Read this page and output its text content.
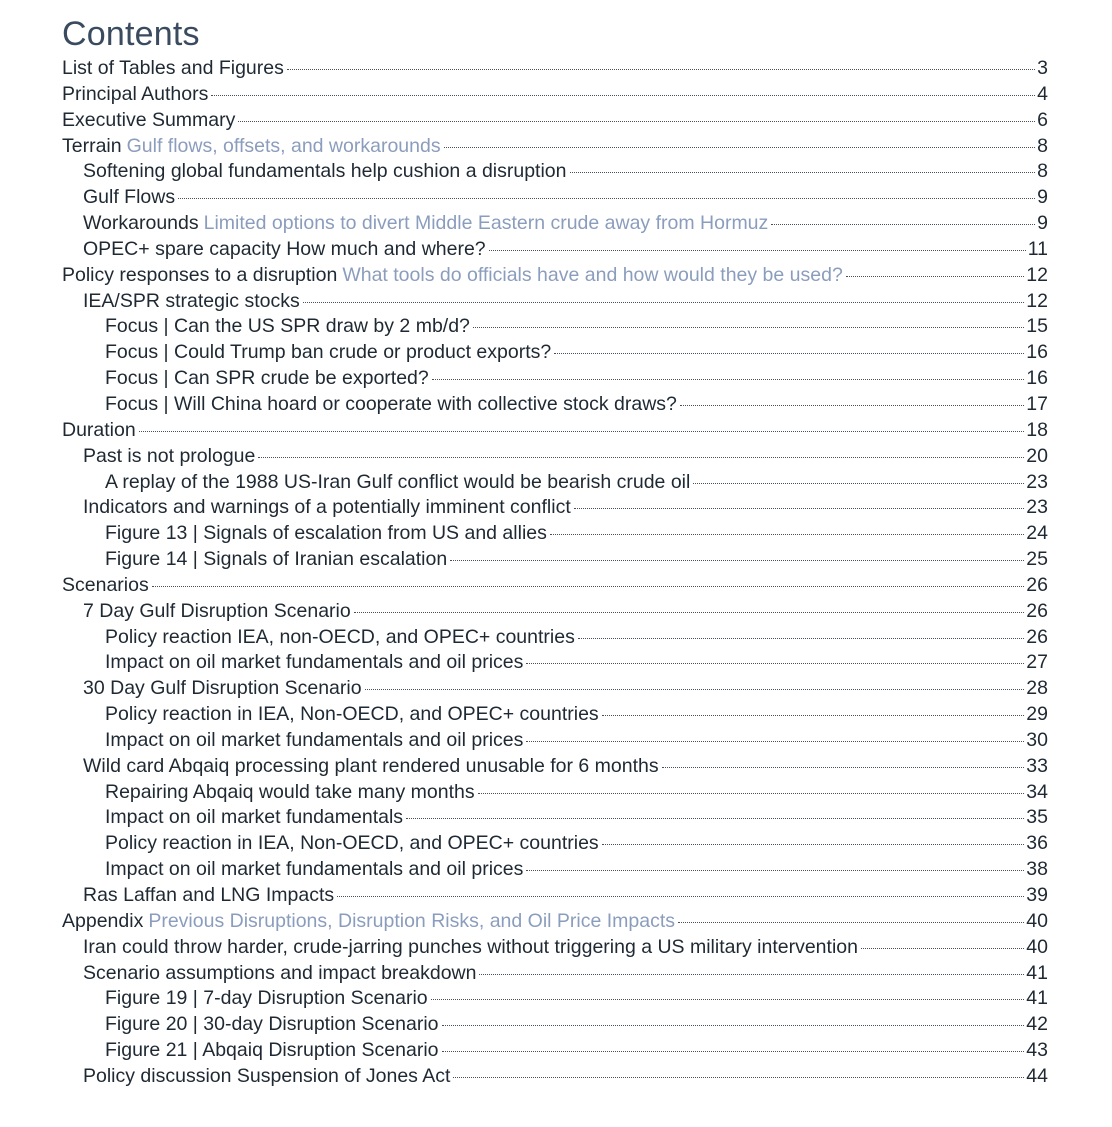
Contents
List of Tables and Figures	3
Principal Authors	4
Executive Summary	6
Terrain Gulf flows, offsets, and workarounds	8
Softening global fundamentals help cushion a disruption	8
Gulf Flows	9
Workarounds Limited options to divert Middle Eastern crude away from Hormuz	9
OPEC+ spare capacity How much and where?	11
Policy responses to a disruption What tools do officials have and how would they be used?	12
IEA/SPR strategic stocks	12
Focus | Can the US SPR draw by 2 mb/d?	15
Focus | Could Trump ban crude or product exports?	16
Focus | Can SPR crude be exported?	16
Focus | Will China hoard or cooperate with collective stock draws?	17
Duration	18
Past is not prologue	20
A replay of the 1988 US-Iran Gulf conflict would be bearish crude oil	23
Indicators and warnings of a potentially imminent conflict	23
Figure 13 | Signals of escalation from US and allies	24
Figure 14 | Signals of Iranian escalation	25
Scenarios	26
7 Day Gulf Disruption Scenario	26
Policy reaction IEA, non-OECD, and OPEC+ countries	26
Impact on oil market fundamentals and oil prices	27
30 Day Gulf Disruption Scenario	28
Policy reaction in IEA, Non-OECD, and OPEC+ countries	29
Impact on oil market fundamentals and oil prices	30
Wild card Abqaiq processing plant rendered unusable for 6 months	33
Repairing Abqaiq would take many months	34
Impact on oil market fundamentals	35
Policy reaction in IEA, Non-OECD, and OPEC+ countries	36
Impact on oil market fundamentals and oil prices	38
Ras Laffan and LNG Impacts	39
Appendix Previous Disruptions, Disruption Risks, and Oil Price Impacts	40
Iran could throw harder, crude-jarring punches without triggering a US military intervention	40
Scenario assumptions and impact breakdown	41
Figure 19 | 7-day Disruption Scenario	41
Figure 20 | 30-day Disruption Scenario	42
Figure 21 | Abqaiq Disruption Scenario	43
Policy discussion Suspension of Jones Act	44
